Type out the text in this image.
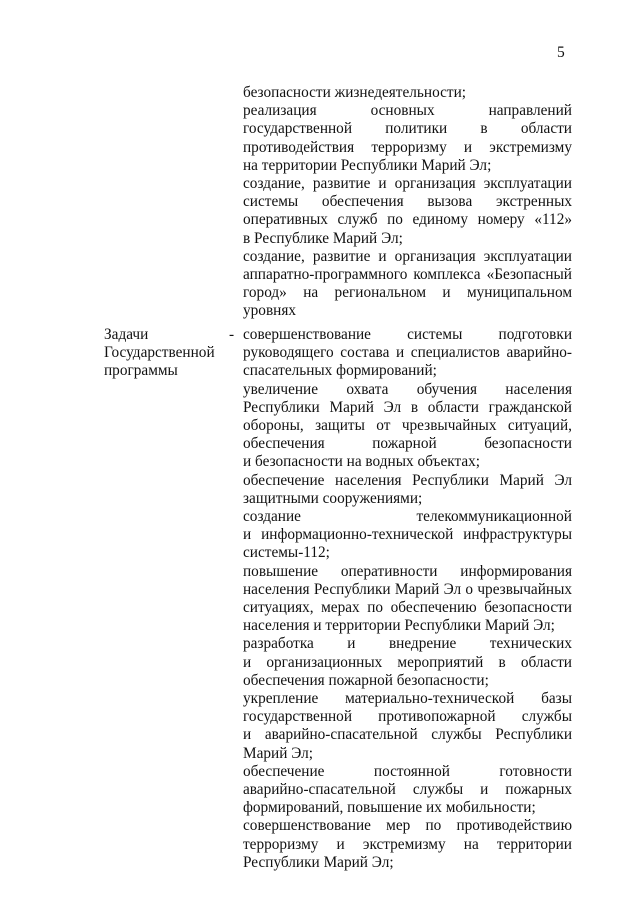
5
безопасности жизнедеятельности;
реализация основных направлений
государственной политики в области
противодействия терроризму и экстремизму
на территории Республики Марий Эл;
создание, развитие и организация эксплуатации
системы обеспечения вызова экстренных
оперативных служб по единому номеру «112»
в Республике Марий Эл;
создание, развитие и организация эксплуатации
аппаратно-программного комплекса «Безопасный
город» на региональном и муниципальном
уровнях
Задачи
Государственной
программы
- совершенствование системы подготовки
руководящего состава и специалистов аварийно-
спасательных формирований;
увеличение охвата обучения населения
Республики Марий Эл в области гражданской
обороны, защиты от чрезвычайных ситуаций,
обеспечения пожарной безопасности
и безопасности на водных объектах;
обеспечение населения Республики Марий Эл
защитными сооружениями;
создание телекоммуникационной
и информационно-технической инфраструктуры
системы-112;
повышение оперативности информирования
населения Республики Марий Эл о чрезвычайных
ситуациях, мерах по обеспечению безопасности
населения и территории Республики Марий Эл;
разработка и внедрение технических
и организационных мероприятий в области
обеспечения пожарной безопасности;
укрепление материально-технической базы
государственной противопожарной службы
и аварийно-спасательной службы Республики
Марий Эл;
обеспечение постоянной готовности
аварийно-спасательной службы и пожарных
формирований, повышение их мобильности;
совершенствование мер по противодействию
терроризму и экстремизму на территории
Республики Марий Эл;
